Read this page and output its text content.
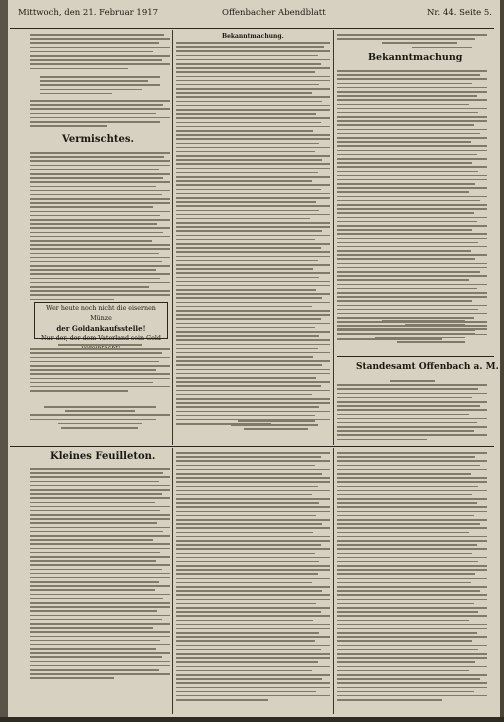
Mittwoch, den 21. Februar 1917	Offenbacher Abendblatt	Nr. 44. Seite 5.
Vermischtes.
Wer heute noch nicht die eisernen Münze
der Goldankaufsstelle!
Nur der, der dem Vaterland sein Gold
Bekanntmachung.
Bekanntmachung
Standesamt Offenbach a. M.
Kleines Feuilleton.
